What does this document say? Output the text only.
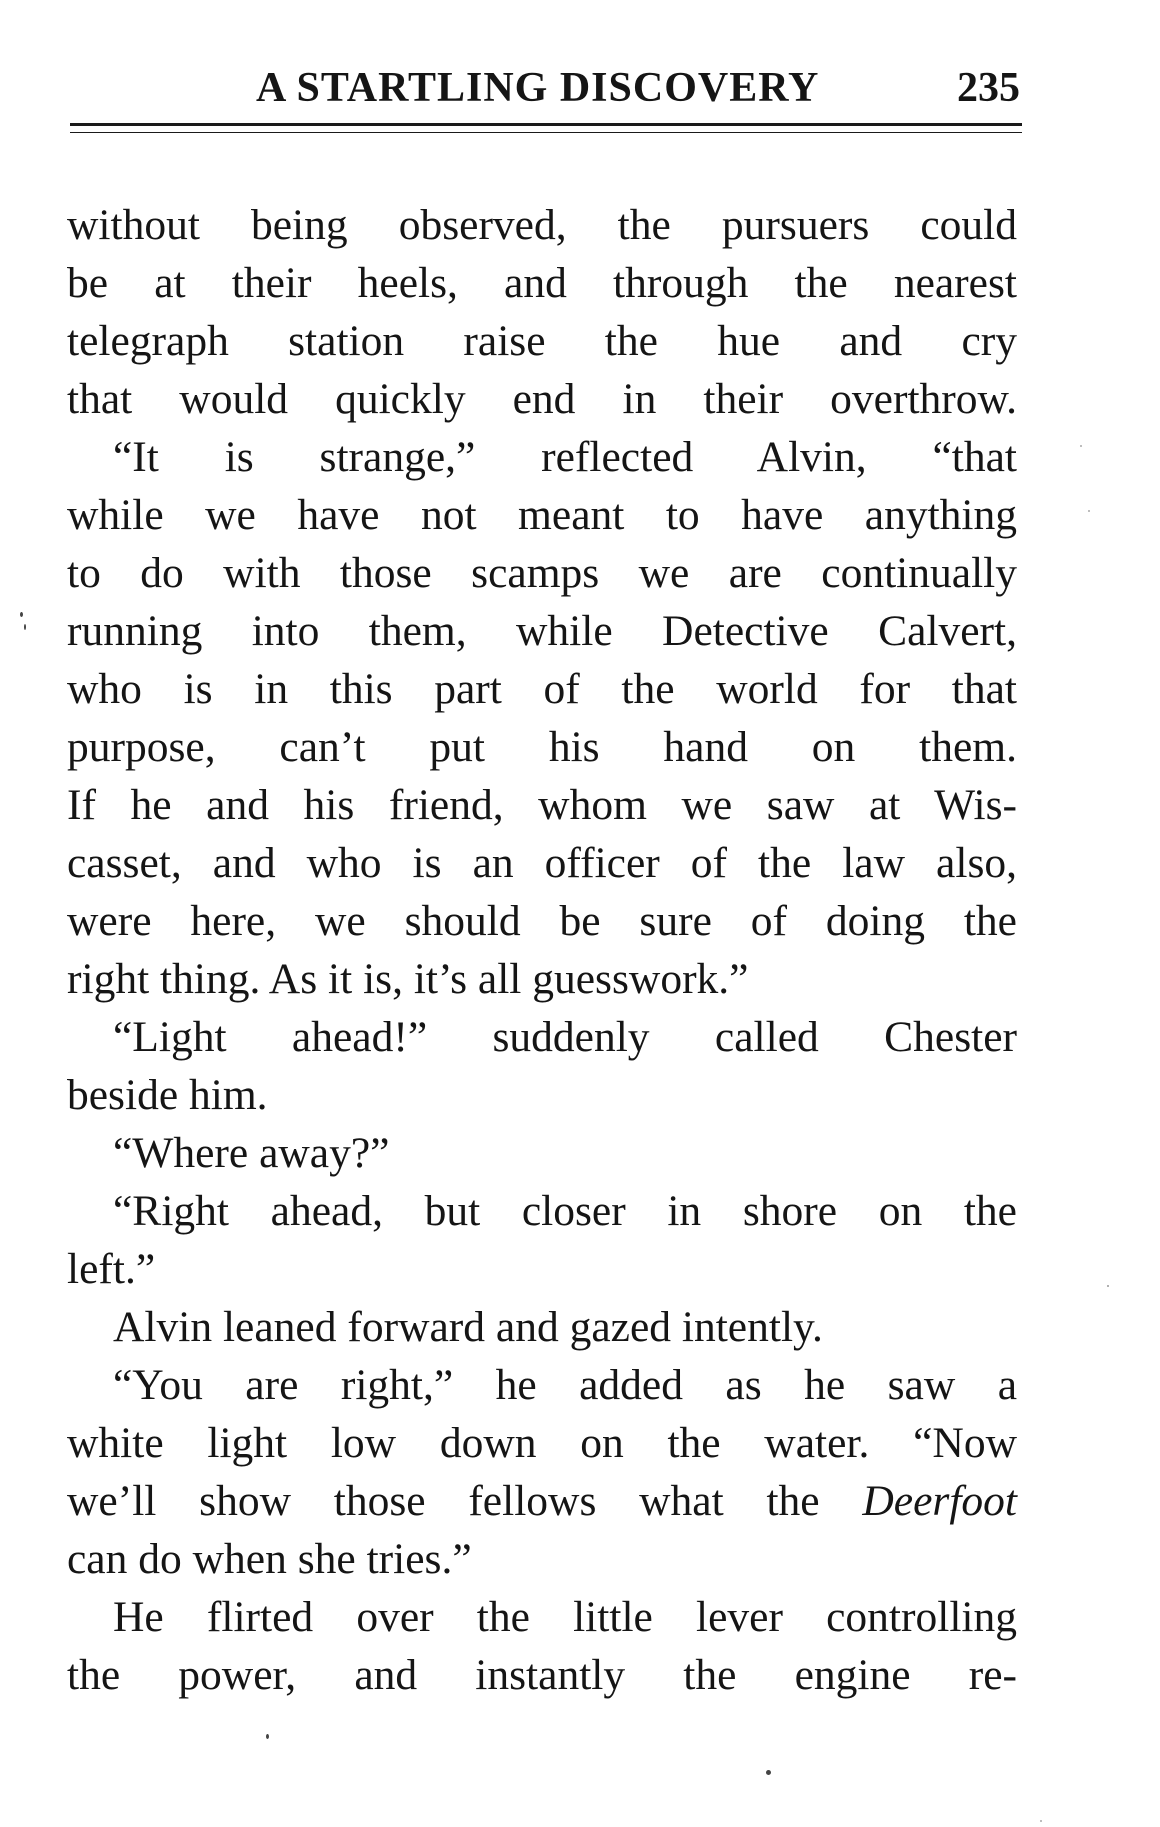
A STARTLING DISCOVERY	235
without being observed, the pursuers could
be at their heels, and through the nearest
telegraph station raise the hue and cry
that would quickly end in their overthrow.
“It is strange,” reflected Alvin, “that
while we have not meant to have anything
to do with those scamps we are continually
running into them, while Detective Calvert,
who is in this part of the world for that
purpose, can’t put his hand on them.
If he and his friend, whom we saw at Wis-
casset, and who is an officer of the law also,
were here, we should be sure of doing the
right thing. As it is, it’s all guesswork.”
“Light ahead!” suddenly called Chester
beside him.
“Where away?”
“Right ahead, but closer in shore on the
left.”
Alvin leaned forward and gazed intently.
“You are right,” he added as he saw a
white light low down on the water. “Now
we’ll show those fellows what the Deerfoot
can do when she tries.”
He flirted over the little lever controlling
the power, and instantly the engine re-
